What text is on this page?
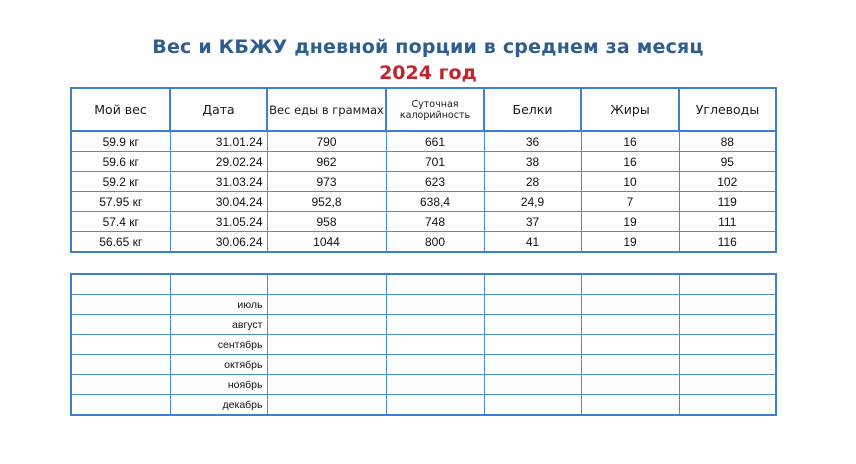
Вес и КБЖУ дневной порции в среднем за месяц
2024 год
Мой вес	Дата	Вес еды в граммах	Суточная калорийность	Белки	Жиры	Углеводы
59.9 кг	31.01.24	790	661	36	16	88
59.6 кг	29.02.24	962	701	38	16	95
59.2 кг	31.03.24	973	623	28	10	102
57.95 кг	30.04.24	952,8	638,4	24,9	7	119
57.4 кг	31.05.24	958	748	37	19	111
56.65 кг	30.06.24	1044	800	41	19	116

	июль					
	август					
	сентябрь					
	октябрь					
	ноябрь					
	декабрь					
